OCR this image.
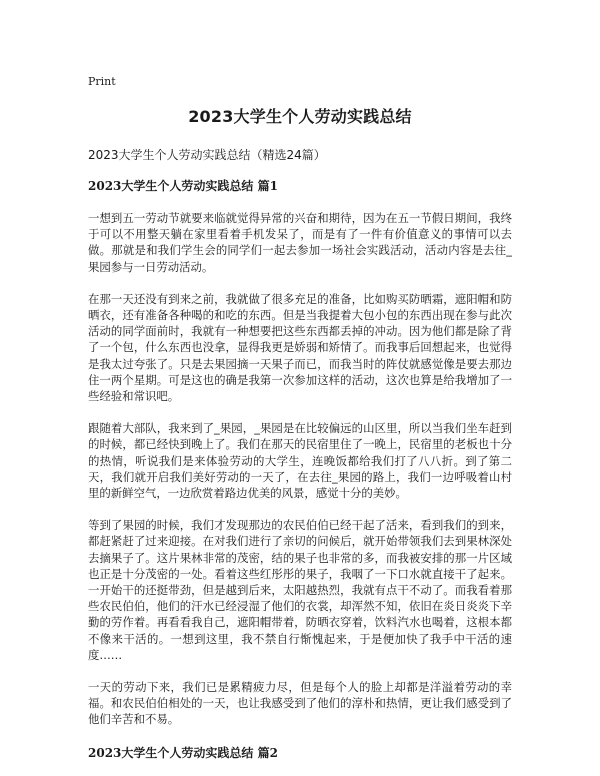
Print
2023大学生个人劳动实践总结

2023大学生个人劳动实践总结（精选24篇）

2023大学生个人劳动实践总结 篇1

一想到五一劳动节就要来临就觉得异常的兴奋和期待，因为在五一节假日期间，我终于可以不用整天躺在家里看着手机发呆了，而是有了一件有价值意义的事情可以去做。那就是和我们学生会的同学们一起去参加一场社会实践活动，活动内容是去往_果园参与一日劳动活动。

在那一天还没有到来之前，我就做了很多充足的准备，比如购买防晒霜，遮阳帽和防晒衣，还有准备各种喝的和吃的东西。但是当我提着大包小包的东西出现在参与此次活动的同学面前时，我就有一种想要把这些东西都丢掉的冲动。因为他们都是除了背了一个包，什么东西也没拿，显得我更是娇弱和矫情了。而我事后回想起来，也觉得是我太过夸张了。只是去果园摘一天果子而已，而我当时的阵仗就感觉像是要去那边住一两个星期。可是这也的确是我第一次参加这样的活动，这次也算是给我增加了一些经验和常识吧。

跟随着大部队，我来到了_果园，_果园是在比较偏远的山区里，所以当我们坐车赶到的时候，都已经快到晚上了。我们在那天的民宿里住了一晚上，民宿里的老板也十分的热情，听说我们是来体验劳动的大学生，连晚饭都给我们打了八八折。到了第二天，我们就开启我们美好劳动的一天了，在去往_果园的路上，我们一边呼吸着山村里的新鲜空气，一边欣赏着路边优美的风景，感觉十分的美妙。

等到了果园的时候，我们才发现那边的农民伯伯已经干起了活来，看到我们的到来，都赶紧赶了过来迎接。在对我们进行了亲切的问候后，就开始带领我们去到果林深处去摘果子了。这片果林非常的茂密，结的果子也非常的多，而我被安排的那一片区域也正是十分茂密的一处。看着这些红彤彤的果子，我咽了一下口水就直接干了起来。一开始干的还挺带劲，但是越到后来，太阳越热烈，我就有点干不动了。而我看着那些农民伯伯，他们的汗水已经浸湿了他们的衣裳，却浑然不知，依旧在炎日炎炎下辛勤的劳作着。再看看我自己，遮阳帽带着，防晒衣穿着，饮料汽水也喝着，这根本都不像来干活的。一想到这里，我不禁自行惭愧起来，于是便加快了我手中干活的速度……

一天的劳动下来，我们已是累精疲力尽，但是每个人的脸上却都是洋溢着劳动的幸福。和农民伯伯相处的一天，也让我感受到了他们的淳朴和热情，更让我们感受到了他们辛苦和不易。

2023大学生个人劳动实践总结 篇2
